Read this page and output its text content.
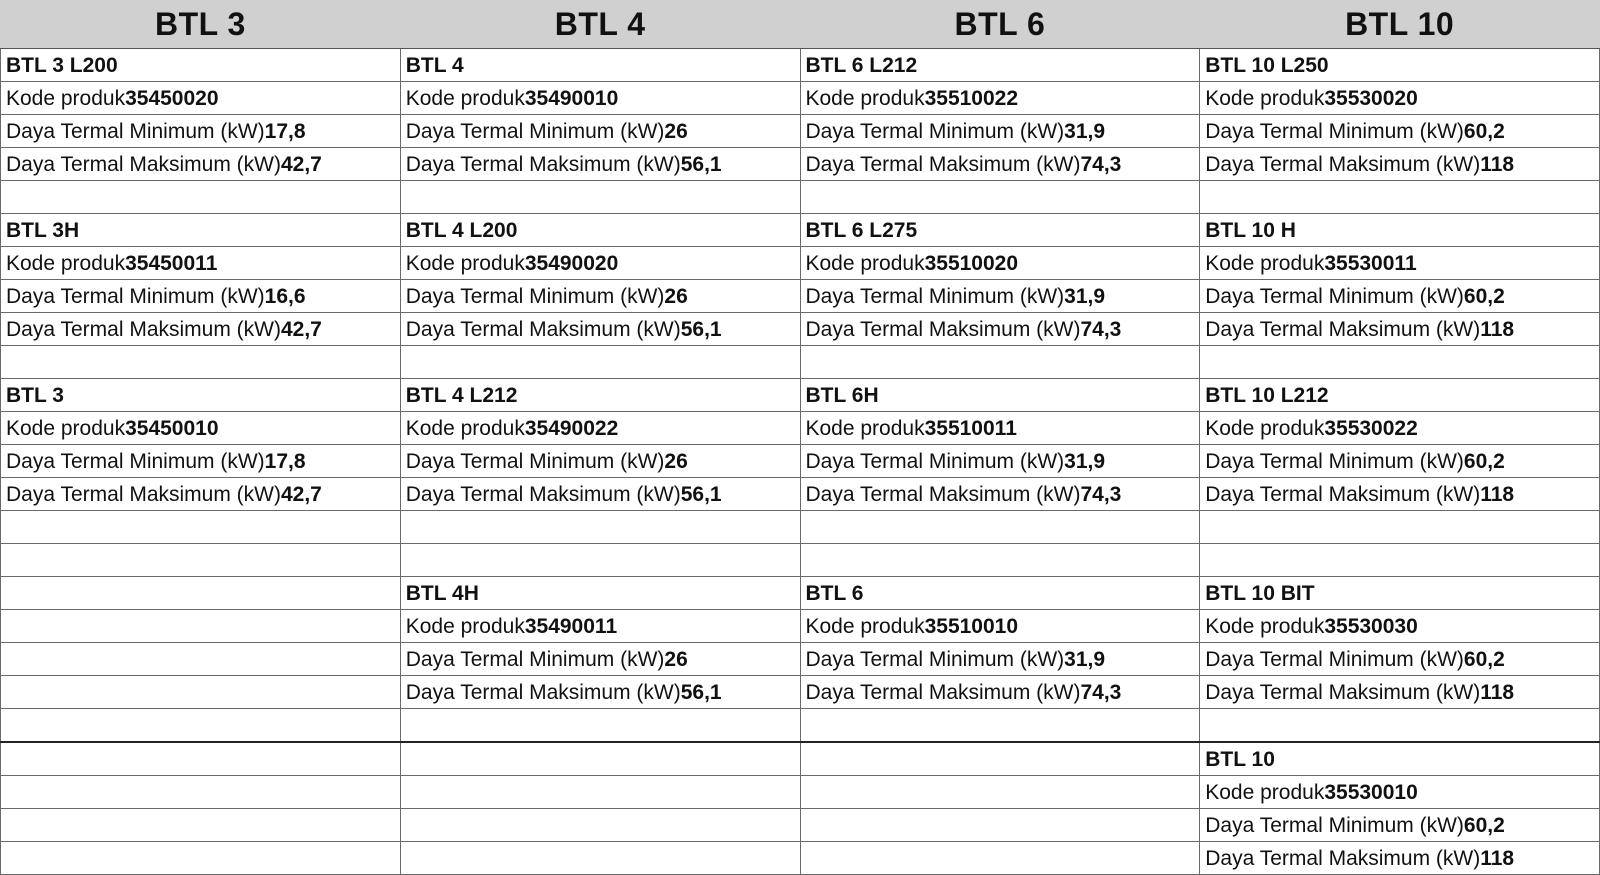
BTL 3	BTL 4	BTL 6	BTL 10
BTL 3 L200	BTL 4	BTL 6 L212	BTL 10 L250
Kode produk35450020	Kode produk35490010	Kode produk35510022	Kode produk35530020
Daya Termal Minimum (kW)17,8	Daya Termal Minimum (kW)26	Daya Termal Minimum (kW)31,9	Daya Termal Minimum (kW)60,2
Daya Termal Maksimum (kW)42,7	Daya Termal Maksimum (kW)56,1	Daya Termal Maksimum (kW)74,3	Daya Termal Maksimum (kW)118

BTL 3H	BTL 4 L200	BTL 6 L275	BTL 10 H
Kode produk35450011	Kode produk35490020	Kode produk35510020	Kode produk35530011
Daya Termal Minimum (kW)16,6	Daya Termal Minimum (kW)26	Daya Termal Minimum (kW)31,9	Daya Termal Minimum (kW)60,2
Daya Termal Maksimum (kW)42,7	Daya Termal Maksimum (kW)56,1	Daya Termal Maksimum (kW)74,3	Daya Termal Maksimum (kW)118

BTL 3	BTL 4 L212	BTL 6H	BTL 10 L212
Kode produk35450010	Kode produk35490022	Kode produk35510011	Kode produk35530022
Daya Termal Minimum (kW)17,8	Daya Termal Minimum (kW)26	Daya Termal Minimum (kW)31,9	Daya Termal Minimum (kW)60,2
Daya Termal Maksimum (kW)42,7	Daya Termal Maksimum (kW)56,1	Daya Termal Maksimum (kW)74,3	Daya Termal Maksimum (kW)118

	BTL 4H	BTL 6	BTL 10 BIT
	Kode produk35490011	Kode produk35510010	Kode produk35530030
	Daya Termal Minimum (kW)26	Daya Termal Minimum (kW)31,9	Daya Termal Minimum (kW)60,2
	Daya Termal Maksimum (kW)56,1	Daya Termal Maksimum (kW)74,3	Daya Termal Maksimum (kW)118

			BTL 10
			Kode produk35530010
			Daya Termal Minimum (kW)60,2
			Daya Termal Maksimum (kW)118
